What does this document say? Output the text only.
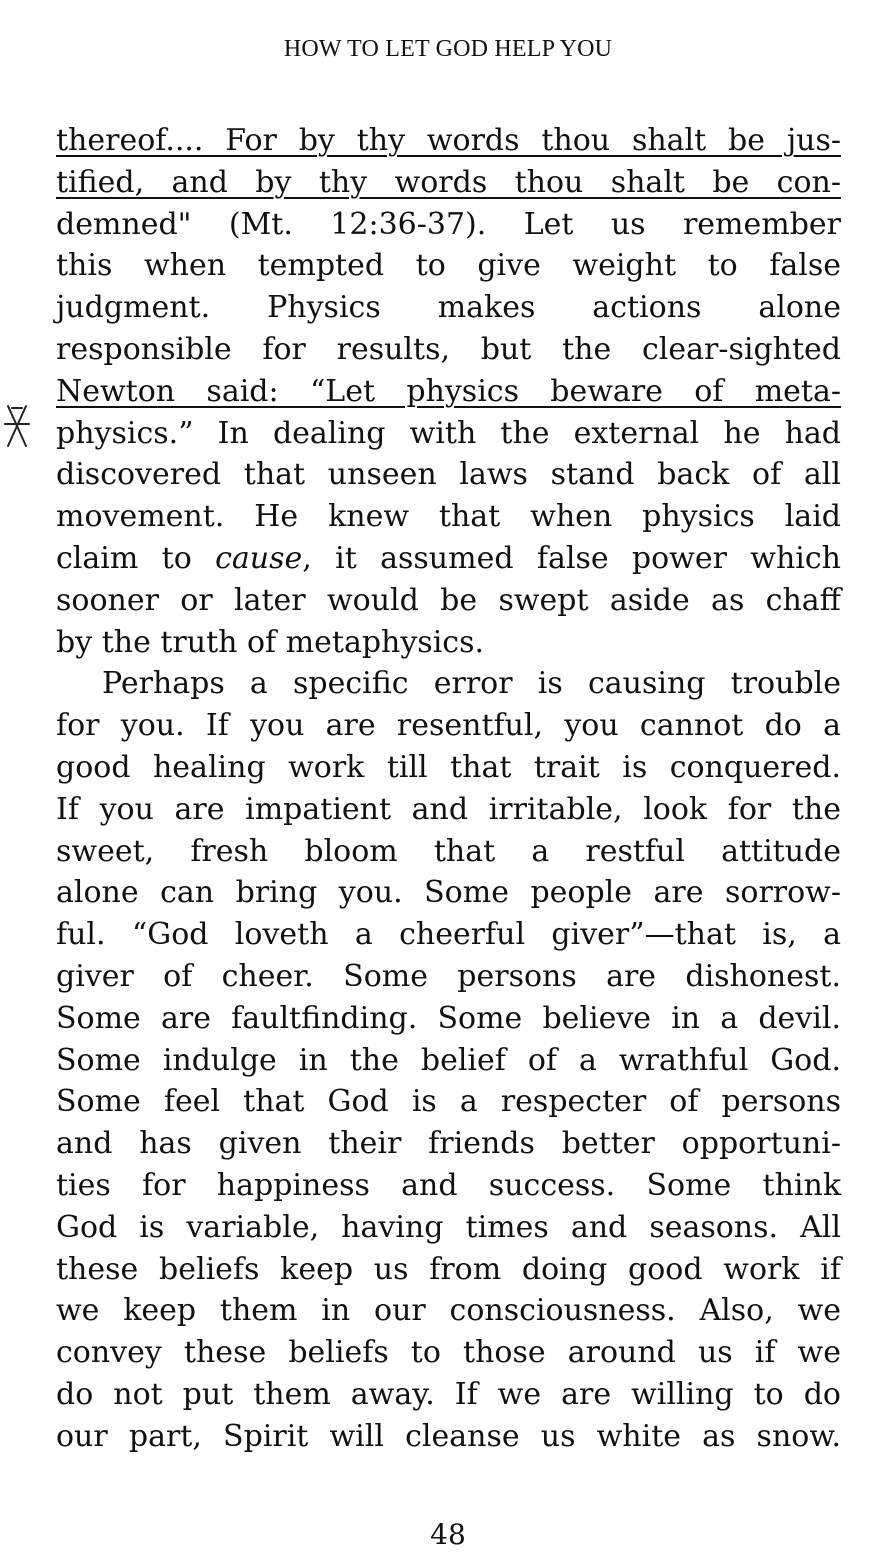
HOW TO LET GOD HELP YOU
thereof.... For by thy words thou shalt be jus-
tified, and by thy words thou shalt be con-
demned" (Mt. 12:36-37). Let us remember
this when tempted to give weight to false
judgment. Physics makes actions alone
responsible for results, but the clear-sighted
Newton said: “Let physics beware of meta-
physics.” In dealing with the external he had
discovered that unseen laws stand back of all
movement. He knew that when physics laid
claim to cause, it assumed false power which
sooner or later would be swept aside as chaff
by the truth of metaphysics.
Perhaps a specific error is causing trouble
for you. If you are resentful, you cannot do a
good healing work till that trait is conquered.
If you are impatient and irritable, look for the
sweet, fresh bloom that a restful attitude
alone can bring you. Some people are sorrow-
ful. “God loveth a cheerful giver”—that is, a
giver of cheer. Some persons are dishonest.
Some are faultfinding. Some believe in a devil.
Some indulge in the belief of a wrathful God.
Some feel that God is a respecter of persons
and has given their friends better opportuni-
ties for happiness and success. Some think
God is variable, having times and seasons. All
these beliefs keep us from doing good work if
we keep them in our consciousness. Also, we
convey these beliefs to those around us if we
do not put them away. If we are willing to do
our part, Spirit will cleanse us white as snow.
48
